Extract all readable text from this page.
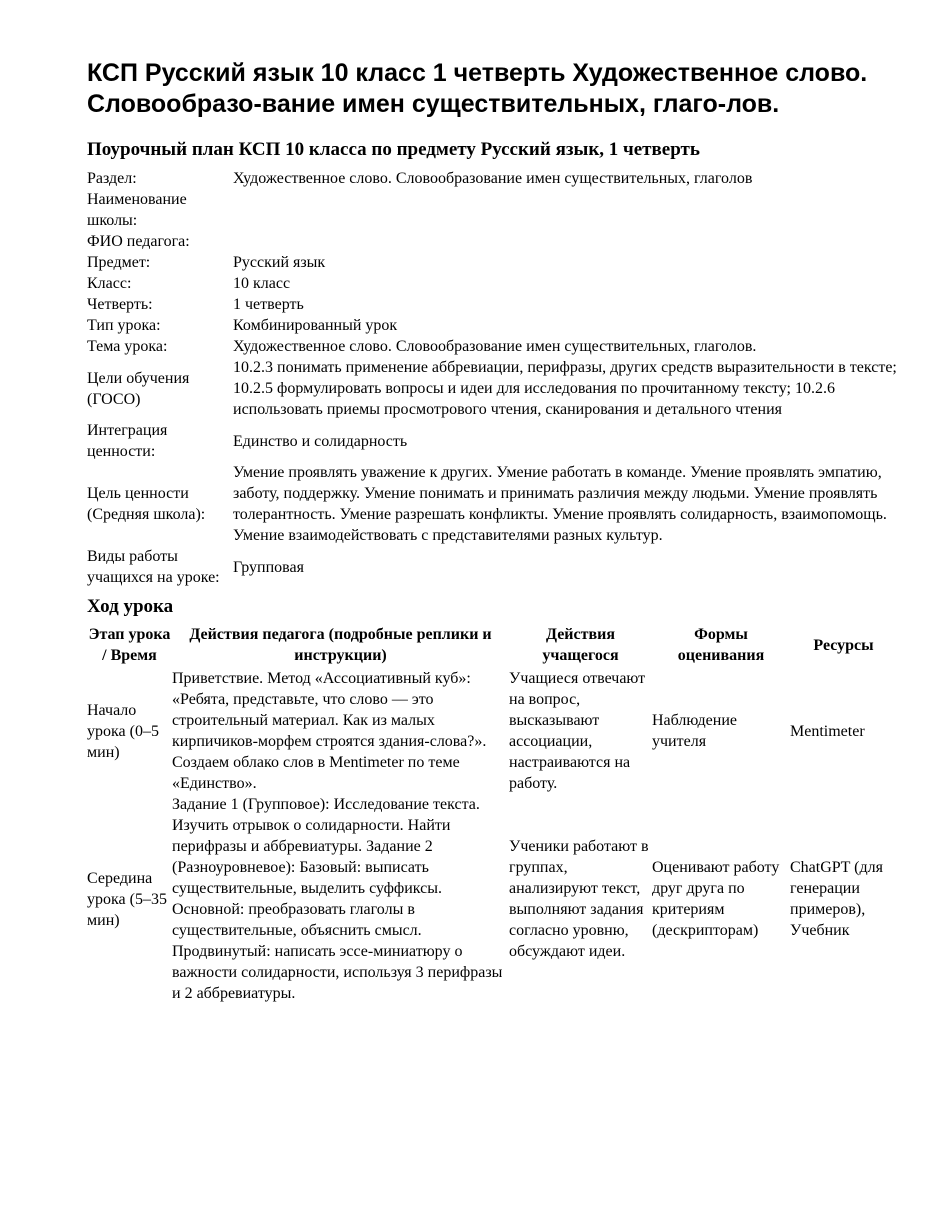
КСП Русский язык 10 класс 1 четверть Художественное слово. Словообразо-вание имен существительных, глаго-лов.
Поурочный план КСП 10 класса по предмету Русский язык, 1 четверть
Раздел:	Художественное слово. Словообразование имен существительных, глаголов
Наименование школы:	
ФИО педагога:	
Предмет:	Русский язык
Класс:	10 класс
Четверть:	1 четверть
Тип урока:	Комбинированный урок
Тема урока:	Художественное слово. Словообразование имен существительных, глаголов.
Цели обучения (ГОСО)	10.2.3 понимать применение аббревиации, перифразы, других средств выразительности в тексте; 10.2.5 формулировать вопросы и идеи для исследования по прочитанному тексту; 10.2.6 использовать приемы просмотрового чтения, сканирования и детального чтения
Интеграция ценности:	Единство и солидарность
Цель ценности (Средняя школа):	Умение проявлять уважение к других. Умение работать в команде. Умение проявлять эмпатию, заботу, поддержку. Умение понимать и принимать различия между людьми. Умение проявлять толерантность. Умение разрешать конфликты. Умение проявлять солидарность, взаимопомощь. Умение взаимодействовать с представителями разных культур.
Виды работы учащихся на уроке:	Групповая
Ход урока
Этап урока / Время	Действия педагога (подробные реплики и инструкции)	Действия учащегося	Формы оценивания	Ресурсы
Начало урока (0–5 мин)	Приветствие. Метод «Ассоциативный куб»: «Ребята, представьте, что слово — это строительный материал. Как из малых кирпичиков-морфем строятся здания-слова?». Создаем облако слов в Mentimeter по теме «Единство».	Учащиеся отвечают на вопрос, высказывают ассоциации, настраиваются на работу.	Наблюдение учителя	Mentimeter
Середина урока (5–35 мин)	Задание 1 (Групповое): Исследование текста. Изучить отрывок о солидарности. Найти перифразы и аббревиатуры. Задание 2 (Разноуровневое): Базовый: выписать существительные, выделить суффиксы. Основной: преобразовать глаголы в существительные, объяснить смысл. Продвинутый: написать эссе-миниатюру о важности солидарности, используя 3 перифразы и 2 аббревиатуры.	Ученики работают в группах, анализируют текст, выполняют задания согласно уровню, обсуждают идеи.	Оценивают работу друг друга по критериям (дескрипторам)	ChatGPT (для генерации примеров), Учебник
